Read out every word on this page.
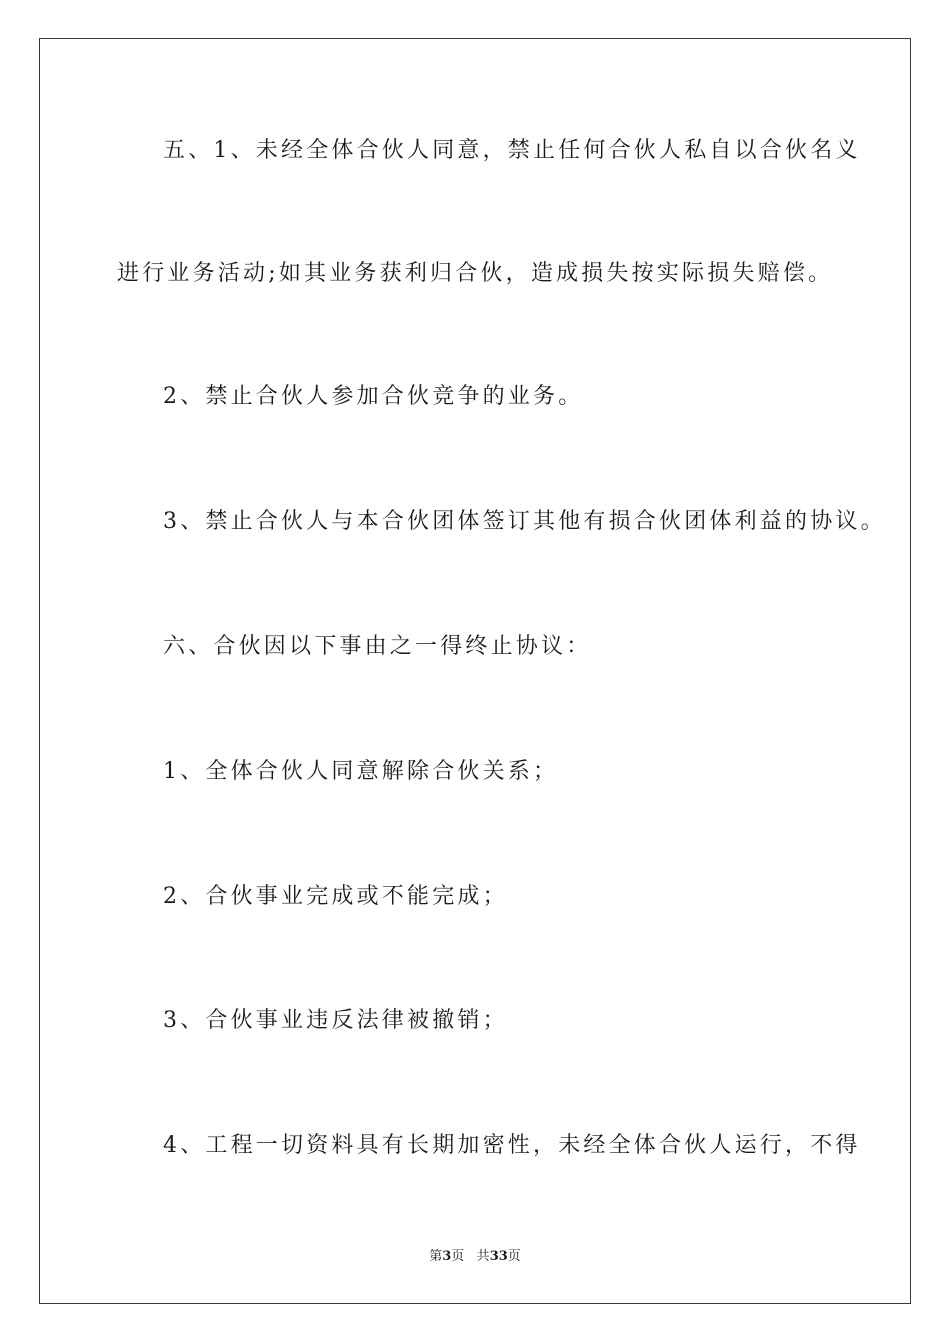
五、1、未经全体合伙人同意，禁止任何合伙人私自以合伙名义
进行业务活动;如其业务获利归合伙，造成损失按实际损失赔偿。
2、禁止合伙人参加合伙竞争的业务。
3、禁止合伙人与本合伙团体签订其他有损合伙团体利益的协议。
六、合伙因以下事由之一得终止协议：
1、全体合伙人同意解除合伙关系；
2、合伙事业完成或不能完成；
3、合伙事业违反法律被撤销；
4、工程一切资料具有长期加密性，未经全体合伙人运行，不得
第3页 共33页
